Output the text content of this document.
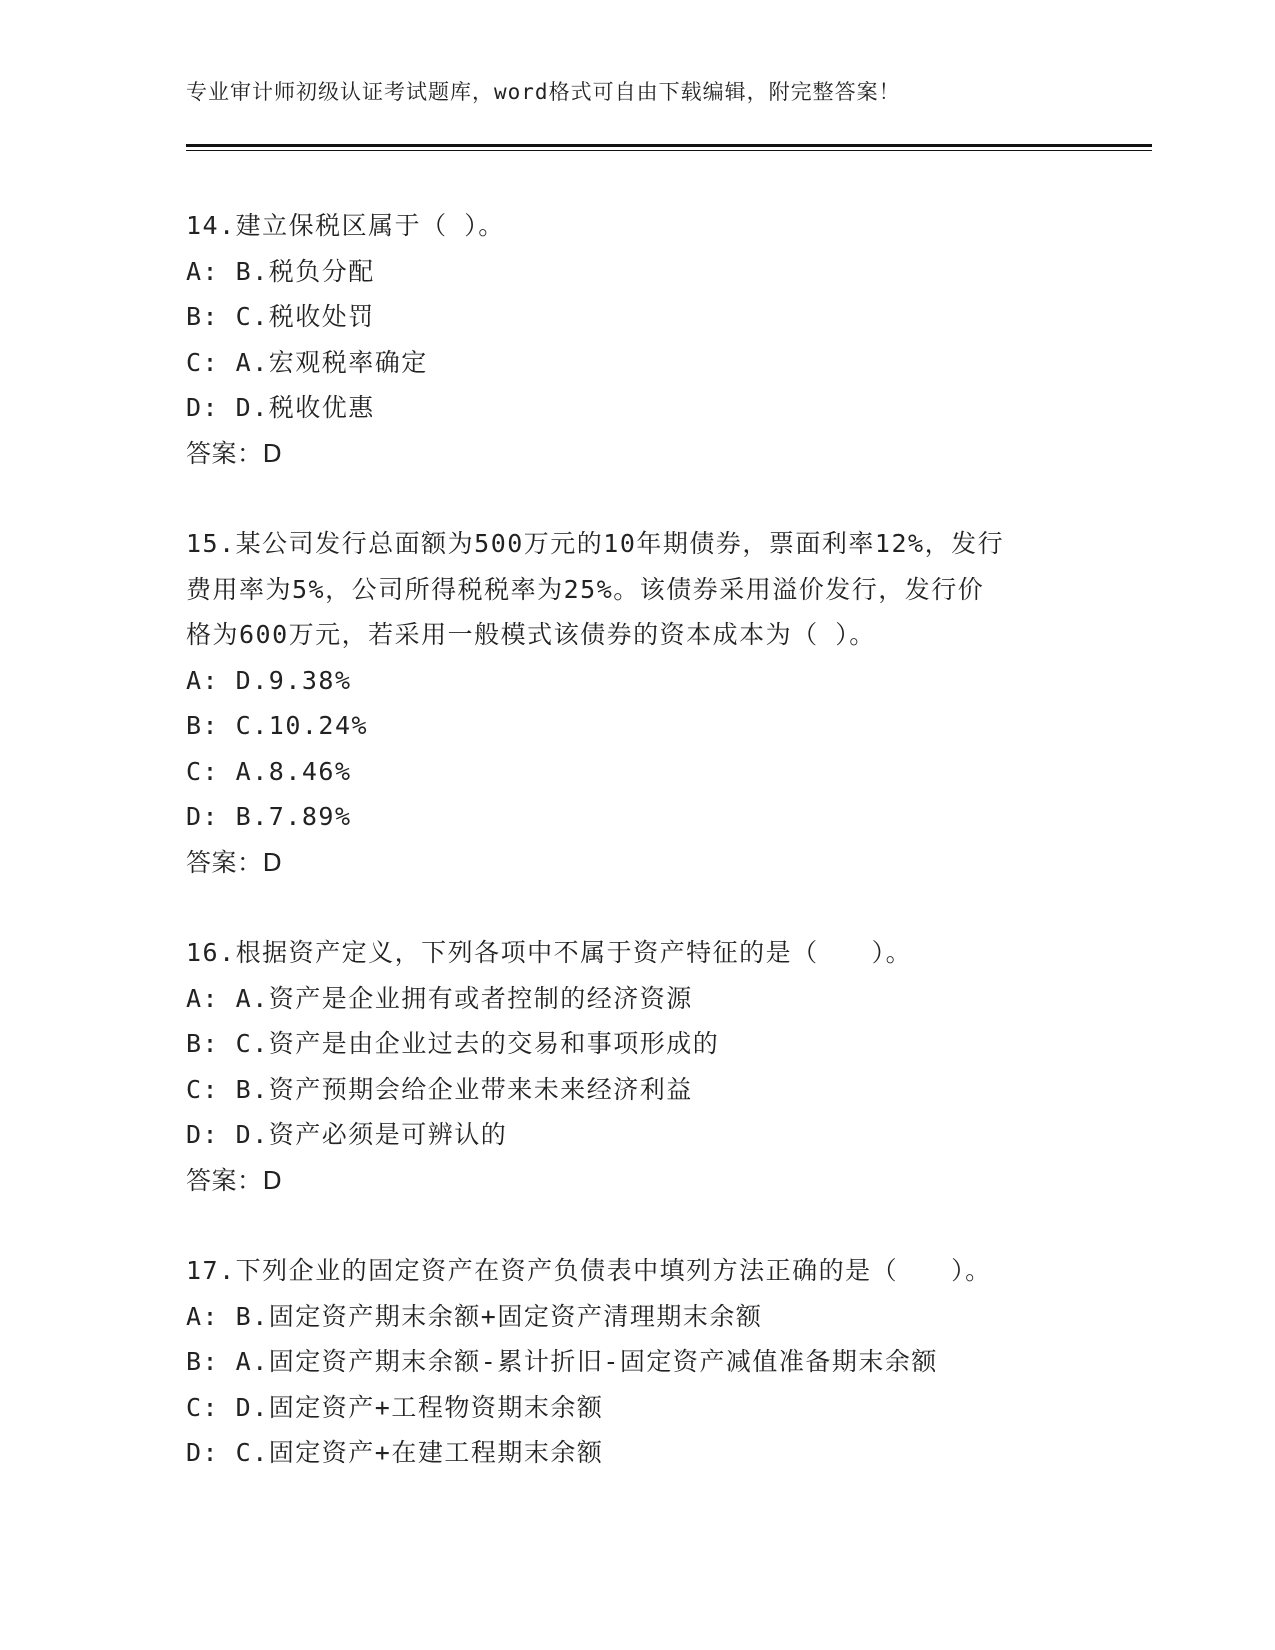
专业审计师初级认证考试题库，word格式可自由下载编辑，附完整答案！
14.建立保税区属于（ ）。
A: B.税负分配
B: C.税收处罚
C: A.宏观税率确定
D: D.税收优惠
答案：D
15.某公司发行总面额为500万元的10年期债券，票面利率12%，发行
费用率为5%，公司所得税税率为25%。该债券采用溢价发行，发行价
格为600万元，若采用一般模式该债券的资本成本为（ ）。
A: D.9.38%
B: C.10.24%
C: A.8.46%
D: B.7.89%
答案：D
16.根据资产定义，下列各项中不属于资产特征的是（　　）。
A: A.资产是企业拥有或者控制的经济资源
B: C.资产是由企业过去的交易和事项形成的
C: B.资产预期会给企业带来未来经济利益
D: D.资产必须是可辨认的
答案：D
17.下列企业的固定资产在资产负债表中填列方法正确的是（　　）。
A: B.固定资产期末余额+固定资产清理期末余额
B: A.固定资产期末余额-累计折旧-固定资产减值准备期末余额
C: D.固定资产+工程物资期末余额
D: C.固定资产+在建工程期末余额
